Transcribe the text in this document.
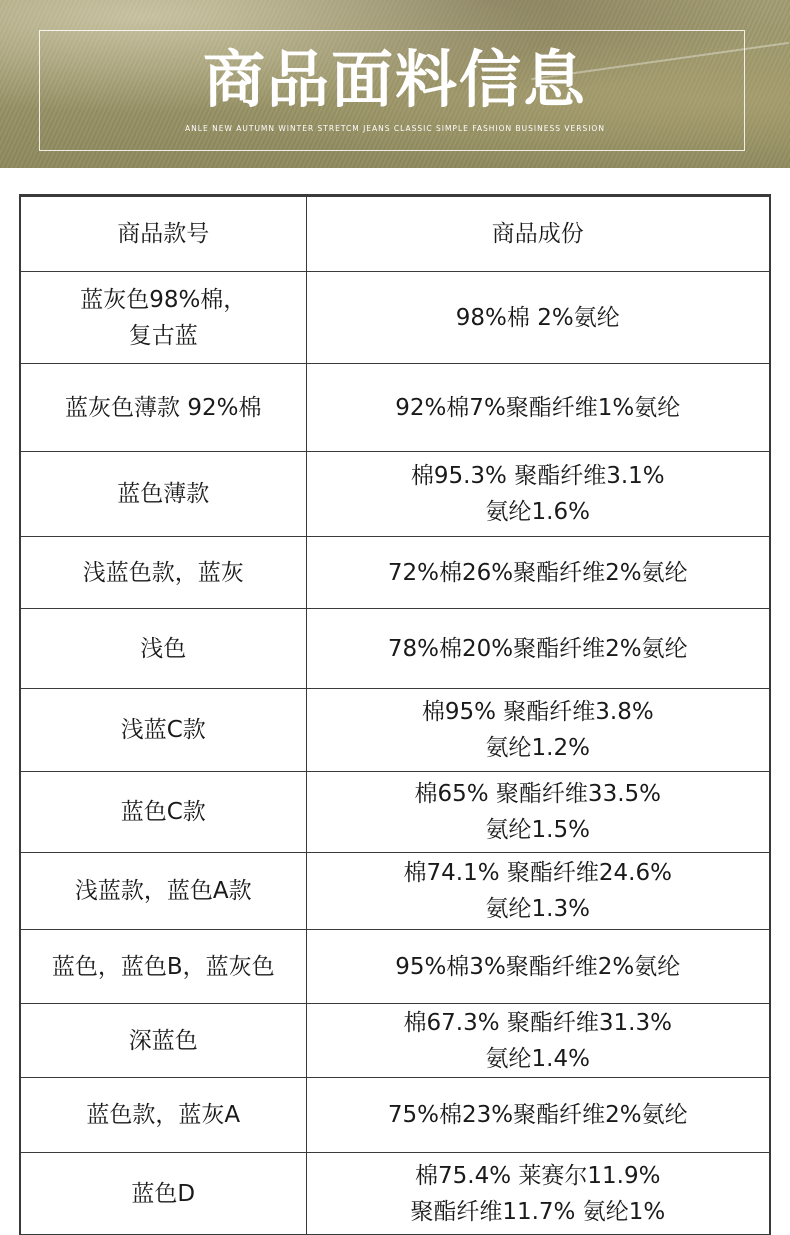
商品面料信息
ANLE NEW AUTUMN WINTER STRETCM JEANS CLASSIC SIMPLE FASHION BUSINESS VERSION
商品款号	商品成份
蓝灰色98%棉，
复古蓝	98%棉 2%氨纶
蓝灰色薄款 92%棉	92%棉7%聚酯纤维1%氨纶
蓝色薄款	棉95.3% 聚酯纤维3.1%
氨纶1.6%
浅蓝色款，蓝灰	72%棉26%聚酯纤维2%氨纶
浅色	78%棉20%聚酯纤维2%氨纶
浅蓝C款	棉95% 聚酯纤维3.8%
氨纶1.2%
蓝色C款	棉65% 聚酯纤维33.5%
氨纶1.5%
浅蓝款，蓝色A款	棉74.1% 聚酯纤维24.6%
氨纶1.3%
蓝色，蓝色B，蓝灰色	95%棉3%聚酯纤维2%氨纶
深蓝色	棉67.3% 聚酯纤维31.3%
氨纶1.4%
蓝色款，蓝灰A	75%棉23%聚酯纤维2%氨纶
蓝色D	棉75.4% 莱赛尔11.9%
聚酯纤维11.7% 氨纶1%
